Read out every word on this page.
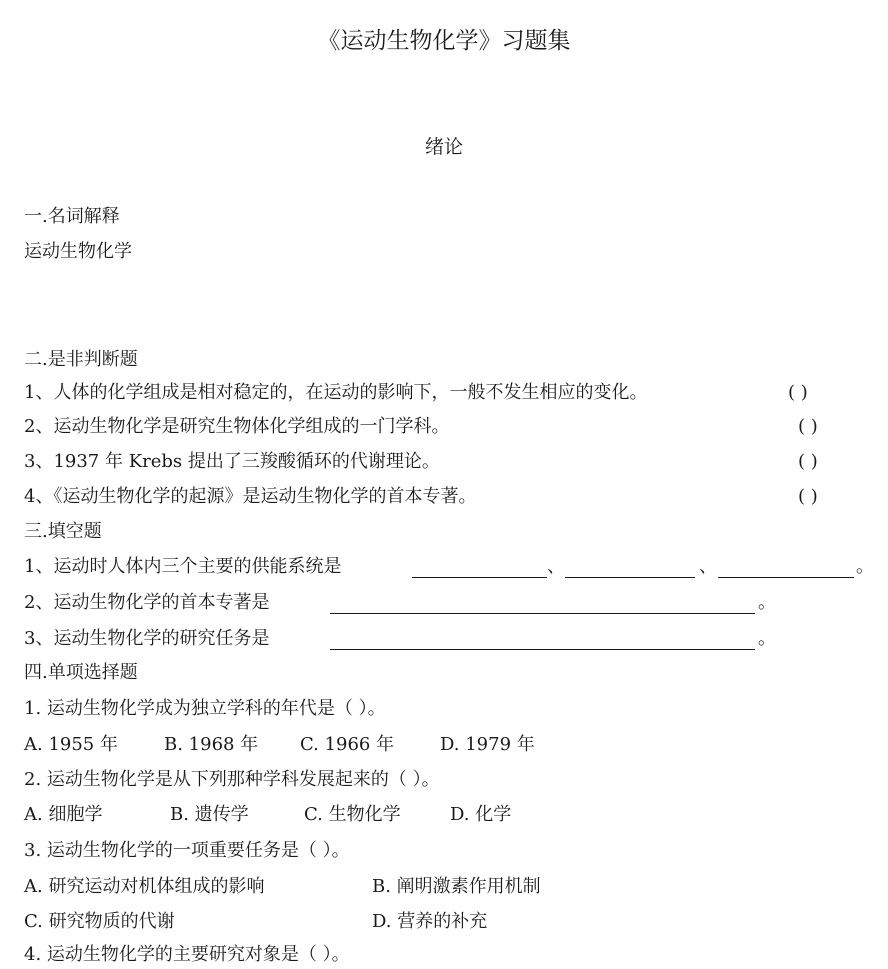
《运动生物化学》习题集
绪论
一.名词解释
运动生物化学
二.是非判断题
1、人体的化学组成是相对稳定的，在运动的影响下，一般不发生相应的变化。	( )
2、运动生物化学是研究生物体化学组成的一门学科。	( )
3、1937 年 Krebs 提出了三羧酸循环的代谢理论。	( )
4、《运动生物化学的起源》是运动生物化学的首本专著。	( )
三.填空题
1、运动时人体内三个主要的供能系统是	、	、	。
2、运动生物化学的首本专著是	。
3、运动生物化学的研究任务是	。
四.单项选择题
1. 运动生物化学成为独立学科的年代是（ ）。
A. 1955 年	B. 1968 年 C. 1966 年	D. 1979 年
2. 运动生物化学是从下列那种学科发展起来的（ ）。
A. 细胞学	B. 遗传学	C. 生物化学	D. 化学
3. 运动生物化学的一项重要任务是（ ）。
A. 研究运动对机体组成的影响	B. 阐明激素作用机制
C. 研究物质的代谢	D. 营养的补充
4. 运动生物化学的主要研究对象是（ ）。
